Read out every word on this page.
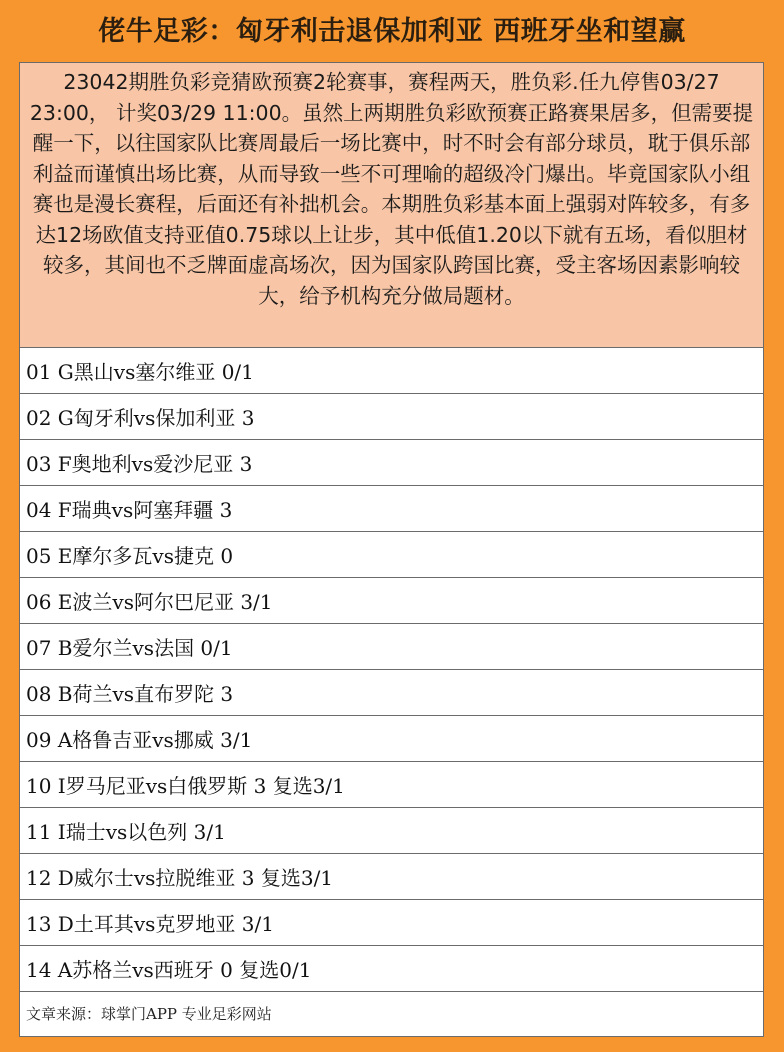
佬牛足彩：匈牙利击退保加利亚 西班牙坐和望赢
23042期胜负彩竞猜欧预赛2轮赛事，赛程两天，胜负彩.任九停售03/27 23:00， 计奖03/29 11:00。虽然上两期胜负彩欧预赛正路赛果居多，但需要提醒一下，以往国家队比赛周最后一场比赛中，时不时会有部分球员，耽于俱乐部利益而谨慎出场比赛，从而导致一些不可理喻的超级冷门爆出。毕竟国家队小组赛也是漫长赛程，后面还有补拙机会。本期胜负彩基本面上强弱对阵较多，有多达12场欧值支持亚值0.75球以上让步，其中低值1.20以下就有五场，看似胆材较多，其间也不乏牌面虚高场次，因为国家队跨国比赛，受主客场因素影响较大，给予机构充分做局题材。
01 G黑山vs塞尔维亚 0/1
02 G匈牙利vs保加利亚 3
03 F奥地利vs爱沙尼亚 3
04 F瑞典vs阿塞拜疆 3
05 E摩尔多瓦vs捷克 0
06 E波兰vs阿尔巴尼亚 3/1
07 B爱尔兰vs法国 0/1
08 B荷兰vs直布罗陀 3
09 A格鲁吉亚vs挪威 3/1
10 I罗马尼亚vs白俄罗斯 3 复选3/1
11 I瑞士vs以色列 3/1
12 D威尔士vs拉脱维亚 3 复选3/1
13 D土耳其vs克罗地亚 3/1
14 A苏格兰vs西班牙 0 复选0/1
文章来源：球掌门APP 专业足彩网站
